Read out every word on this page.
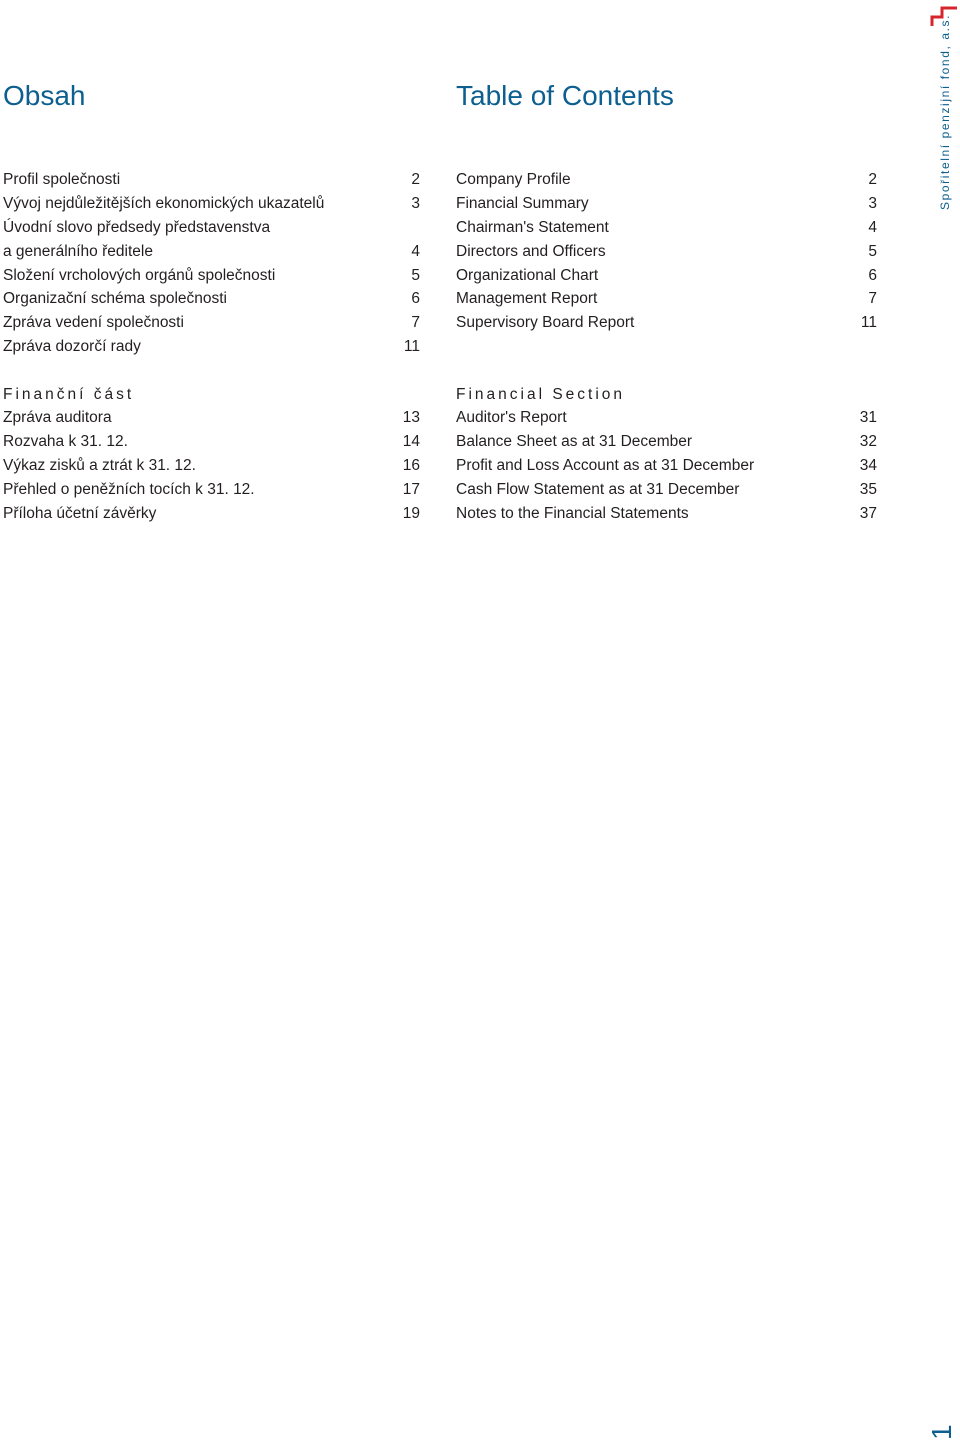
Spořitelní penzijní fond, a.s.
Obsah
Profil společnosti	2
Vývoj nejdůležitějších ekonomických ukazatelů	3
Úvodní slovo předsedy představenstva
a generálního ředitele	4
Složení vrcholových orgánů společnosti	5
Organizační schéma společnosti	6
Zpráva vedení společnosti	7
Zpráva dozorčí rady	11
Finanční část
Zpráva auditora	13
Rozvaha k 31. 12.	14
Výkaz zisků a ztrát k 31. 12.	16
Přehled o peněžních tocích k 31. 12.	17
Příloha účetní závěrky	19
Table of Contents
Company Profile	2
Financial Summary	3
Chairman's Statement	4
Directors and Officers	5
Organizational Chart	6
Management Report	7
Supervisory Board Report	11
Financial Section
Auditor's Report	31
Balance Sheet as at 31 December	32
Profit and Loss Account as at 31 December	34
Cash Flow Statement as at 31 December	35
Notes to the Financial Statements	37
1
